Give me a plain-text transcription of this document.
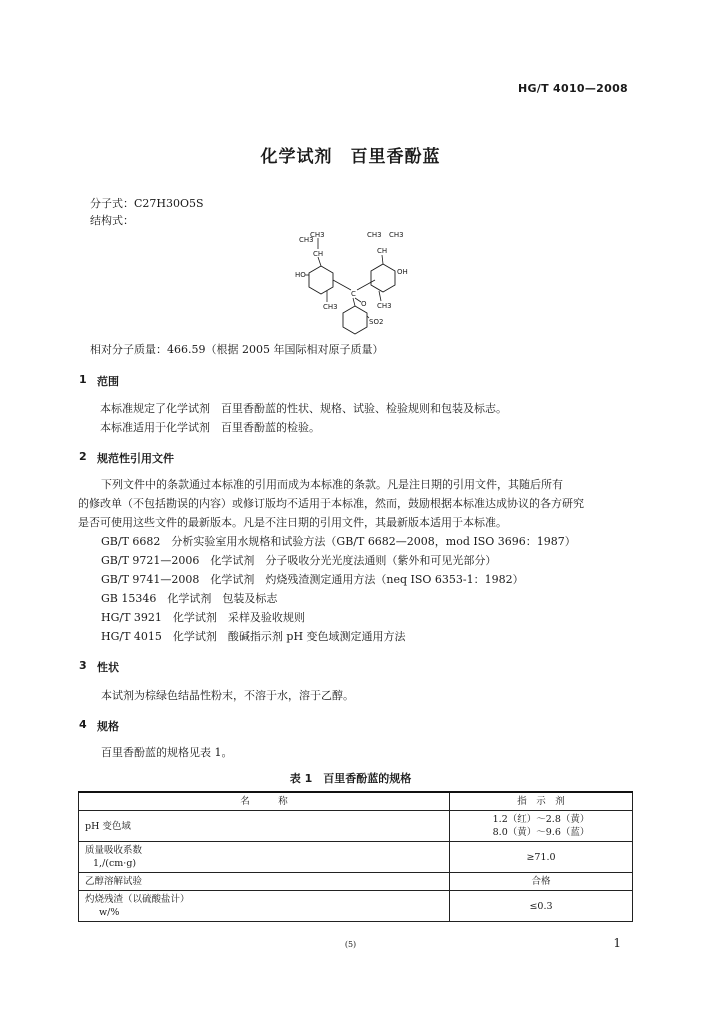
HG/T 4010—2008
化学试剂　百里香酚蓝
分子式：C27H30O5S
结构式：
CH3
CH3
CH
HO
CH3
C
O
CH3 CH3
CH
OH
CH3
SO2
相对分子质量：466.59（根据 2005 年国际相对原子质量）
1 范围
本标准规定了化学试剂　百里香酚蓝的性状、规格、试验、检验规则和包装及标志。
本标准适用于化学试剂　百里香酚蓝的检验。
2 规范性引用文件
下列文件中的条款通过本标准的引用而成为本标准的条款。凡是注日期的引用文件，其随后所有
的修改单（不包括勘误的内容）或修订版均不适用于本标准，然而，鼓励根据本标准达成协议的各方研究
是否可使用这些文件的最新版本。凡是不注日期的引用文件，其最新版本适用于本标准。
GB/T 6682　分析实验室用水规格和试验方法（GB/T 6682—2008，mod ISO 3696：1987）
GB/T 9721—2006　化学试剂　分子吸收分光光度法通则（紫外和可见光部分）
GB/T 9741—2008　化学试剂　灼烧残渣测定通用方法（neq ISO 6353-1：1982）
GB 15346　化学试剂　包装及标志
HG/T 3921　化学试剂　采样及验收规则
HG/T 4015　化学试剂　酸碱指示剂 pH 变色域测定通用方法
3 性状
本试剂为棕绿色结晶性粉末，不溶于水，溶于乙醇。
4 规格
百里香酚蓝的规格见表 1。
表 1　百里香酚蓝的规格
名　　　称	指　示　剂
pH 变色域	1.2（红）～2.8（黄）
8.0（黄）～9.6（蓝）

质量吸收系数
1,/(cm·g)	≥71.0
乙醇溶解试验	合格

灼烧残渣（以硫酸盐计）
w/%	≤0.3
(5)	1
